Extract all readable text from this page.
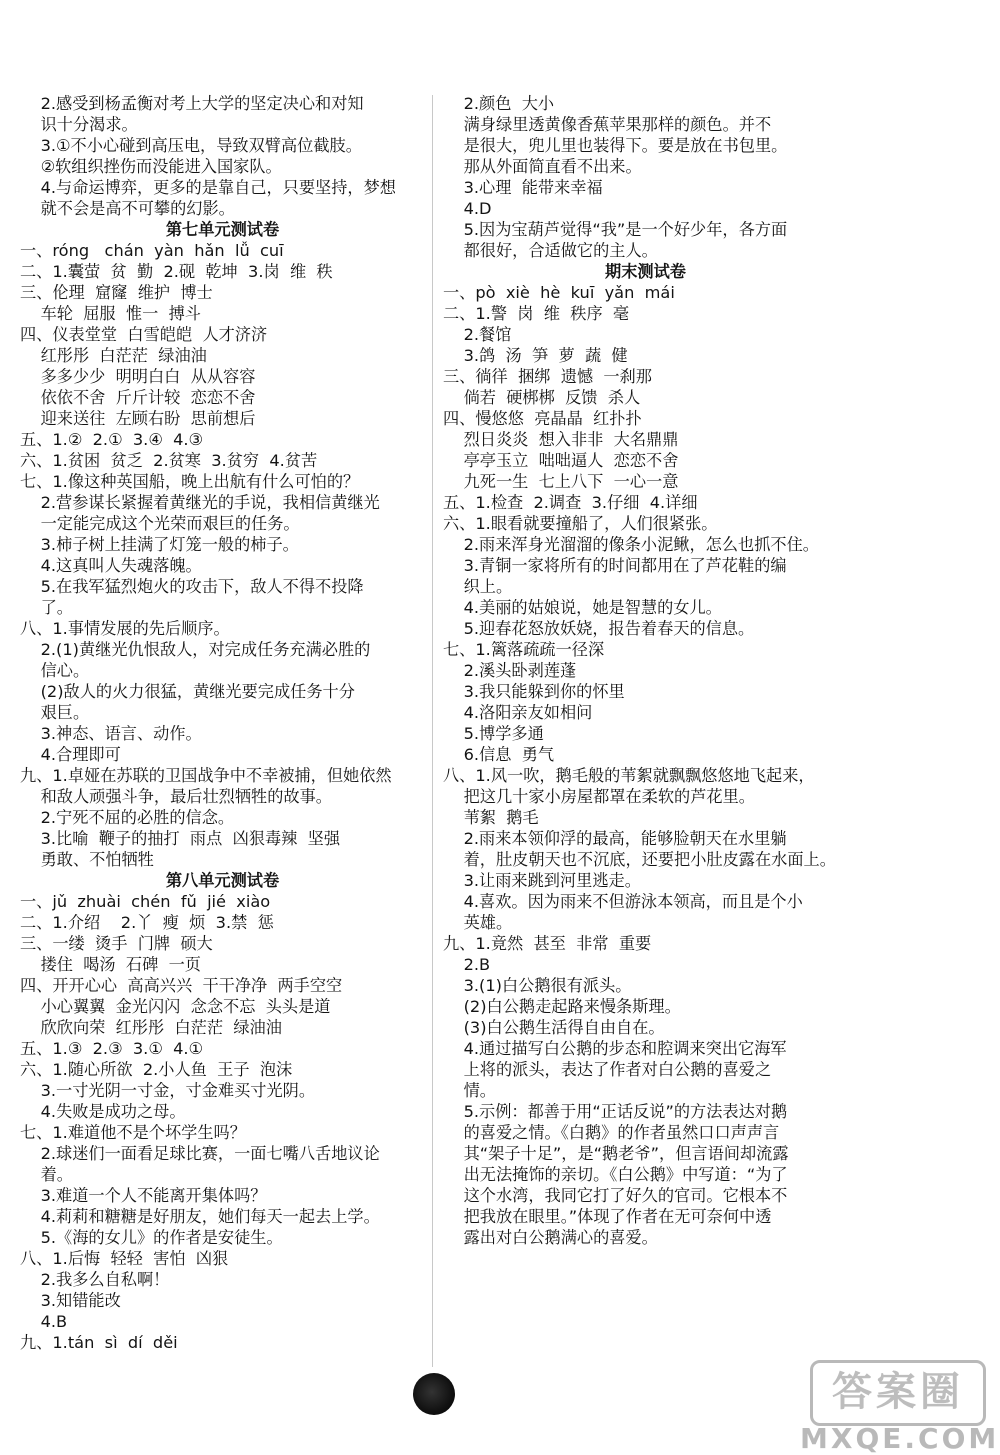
2.感受到杨孟衡对考上大学的坚定决心和对知
识十分渴求。
3.①不小心碰到高压电，导致双臂高位截肢。
②软组织挫伤而没能进入国家队。
4.与命运博弈，更多的是靠自己，只要坚持，梦想
就不会是高不可攀的幻影。
第七单元测试卷
一、róng   chán  yàn  hǎn  lǚ  cuī
二、1.囊萤  贫  勤  2.砚  乾坤  3.岗  维  秩
三、伦理  窟窿  维护  博士
车轮  屈服  惟一  搏斗
四、仪表堂堂  白雪皑皑  人才济济
红彤彤  白茫茫  绿油油
多多少少  明明白白  从从容容
依依不舍  斤斤计较  恋恋不舍
迎来送往  左顾右盼  思前想后
五、1.②  2.①  3.④  4.③
六、1.贫困  贫乏  2.贫寒  3.贫穷  4.贫苦
七、1.像这种英国船，晚上出航有什么可怕的？
2.营参谋长紧握着黄继光的手说，我相信黄继光
一定能完成这个光荣而艰巨的任务。
3.柿子树上挂满了灯笼一般的柿子。
4.这真叫人失魂落魄。
5.在我军猛烈炮火的攻击下，敌人不得不投降
了。
八、1.事情发展的先后顺序。
2.(1)黄继光仇恨敌人，对完成任务充满必胜的
信心。
(2)敌人的火力很猛，黄继光要完成任务十分
艰巨。
3.神态、语言、动作。
4.合理即可
九、1.卓娅在苏联的卫国战争中不幸被捕，但她依然
和敌人顽强斗争，最后壮烈牺牲的故事。
2.宁死不屈的必胜的信念。
3.比喻  鞭子的抽打  雨点  凶狠毒辣  坚强
勇敢、不怕牺牲
第八单元测试卷
一、jǔ  zhuài  chén  fǔ  jié  xiào
二、1.介绍    2.丫  瘦  烦  3.禁  惩
三、一缕  烫手  门牌  硕大
搂住  喝汤  石碑  一页
四、开开心心  高高兴兴  干干净净  两手空空
小心翼翼  金光闪闪  念念不忘  头头是道
欣欣向荣  红彤彤  白茫茫  绿油油
五、1.③  2.③  3.①  4.①
六、1.随心所欲  2.小人鱼  王子  泡沫
3.一寸光阴一寸金，寸金难买寸光阴。
4.失败是成功之母。
七、1.难道他不是个坏学生吗？
2.球迷们一面看足球比赛，一面七嘴八舌地议论
着。
3.难道一个人不能离开集体吗？
4.莉莉和糖糖是好朋友，她们每天一起去上学。
5.《海的女儿》的作者是安徒生。
八、1.后悔  轻轻  害怕  凶狠
2.我多么自私啊！
3.知错能改
4.B
九、1.tán  sì  dí  děi
2.颜色  大小
满身绿里透黄像香蕉苹果那样的颜色。并不
是很大，兜儿里也装得下。要是放在书包里。
那从外面简直看不出来。
3.心理  能带来幸福
4.D
5.因为宝葫芦觉得“我”是一个好少年，各方面
都很好，合适做它的主人。
期末测试卷
一、pò  xiè  hè  kuī  yǎn  mái
二、1.警  岗  维  秩序  毫
2.餐馆
3.鸽  汤  笋  萝  蔬  健
三、徜徉  捆绑  遗憾  一刹那
倘若  硬梆梆  反馈  杀人
四、慢悠悠  亮晶晶  红扑扑
烈日炎炎  想入非非  大名鼎鼎
亭亭玉立  咄咄逼人  恋恋不舍
九死一生  七上八下  一心一意
五、1.检查  2.调查  3.仔细  4.详细
六、1.眼看就要撞船了，人们很紧张。
2.雨来浑身光溜溜的像条小泥鳅，怎么也抓不住。
3.青铜一家将所有的时间都用在了芦花鞋的编
织上。
4.美丽的姑娘说，她是智慧的女儿。
5.迎春花怒放妖娆，报告着春天的信息。
七、1.篱落疏疏一径深
2.溪头卧剥莲蓬
3.我只能躲到你的怀里
4.洛阳亲友如相问
5.博学多通
6.信息  勇气
八、1.风一吹，鹅毛般的苇絮就飘飘悠悠地飞起来，
把这几十家小房屋都罩在柔软的芦花里。
苇絮  鹅毛
2.雨来本领仰浮的最高，能够脸朝天在水里躺
着，肚皮朝天也不沉底，还要把小肚皮露在水面上。
3.让雨来跳到河里逃走。
4.喜欢。因为雨来不但游泳本领高，而且是个小
英雄。
九、1.竟然  甚至  非常  重要
2.B
3.(1)白公鹅很有派头。
(2)白公鹅走起路来慢条斯理。
(3)白公鹅生活得自由自在。
4.通过描写白公鹅的步态和腔调来突出它海军
上将的派头，表达了作者对白公鹅的喜爱之
情。
5.示例：都善于用“正话反说”的方法表达对鹅
的喜爱之情。《白鹅》的作者虽然口口声声言
其“架子十足”，是“鹅老爷”，但言语间却流露
出无法掩饰的亲切。《白公鹅》中写道：“为了
这个水湾，我同它打了好久的官司。它根本不
把我放在眼里。”体现了作者在无可奈何中透
露出对白公鹅满心的喜爱。
答案圈
MXQE.COM
